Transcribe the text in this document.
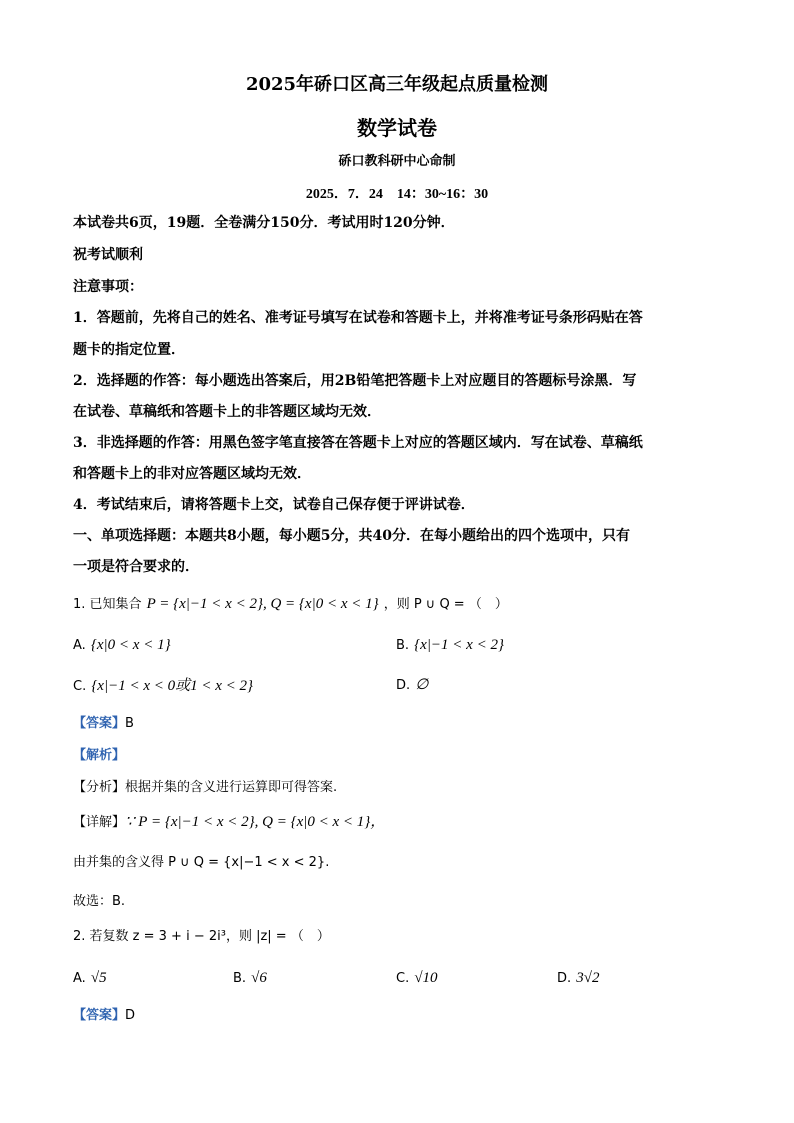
2025年硚口区高三年级起点质量检测
数学试卷
硚口教科研中心命制
2025．7．24　14：30~16：30
本试卷共6页，19题．全卷满分150分．考试用时120分钟．
祝考试顺利
注意事项：
1．答题前，先将自己的姓名、准考证号填写在试卷和答题卡上，并将准考证号条形码贴在答
题卡的指定位置．
2．选择题的作答：每小题选出答案后，用2B铅笔把答题卡上对应题目的答题标号涂黑．写
在试卷、草稿纸和答题卡上的非答题区域均无效．
3．非选择题的作答：用黑色签字笔直接答在答题卡上对应的答题区域内．写在试卷、草稿纸
和答题卡上的非对应答题区域均无效．
4．考试结束后，请将答题卡上交，试卷自己保存便于评讲试卷．
一、单项选择题：本题共8小题，每小题5分，共40分．在每小题给出的四个选项中，只有
一项是符合要求的．
1. 已知集合 P = {x|−1 < x < 2}, Q = {x|0 < x < 1} ，则 P ∪ Q = （　）
A. {x|0 < x < 1}	B. {x|−1 < x < 2}
C. {x|−1 < x < 0或1 < x < 2}	D. ∅
【答案】B
【解析】
【分析】根据并集的含义进行运算即可得答案.
【详解】∵ P = {x|−1 < x < 2}, Q = {x|0 < x < 1}，
由并集的含义得 P ∪ Q = {x|−1 < x < 2}.
故选：B.
2. 若复数 z = 3 + i − 2i³，则 |z| = （　）
A. √5	B. √6	C. √10	D. 3√2
【答案】D
